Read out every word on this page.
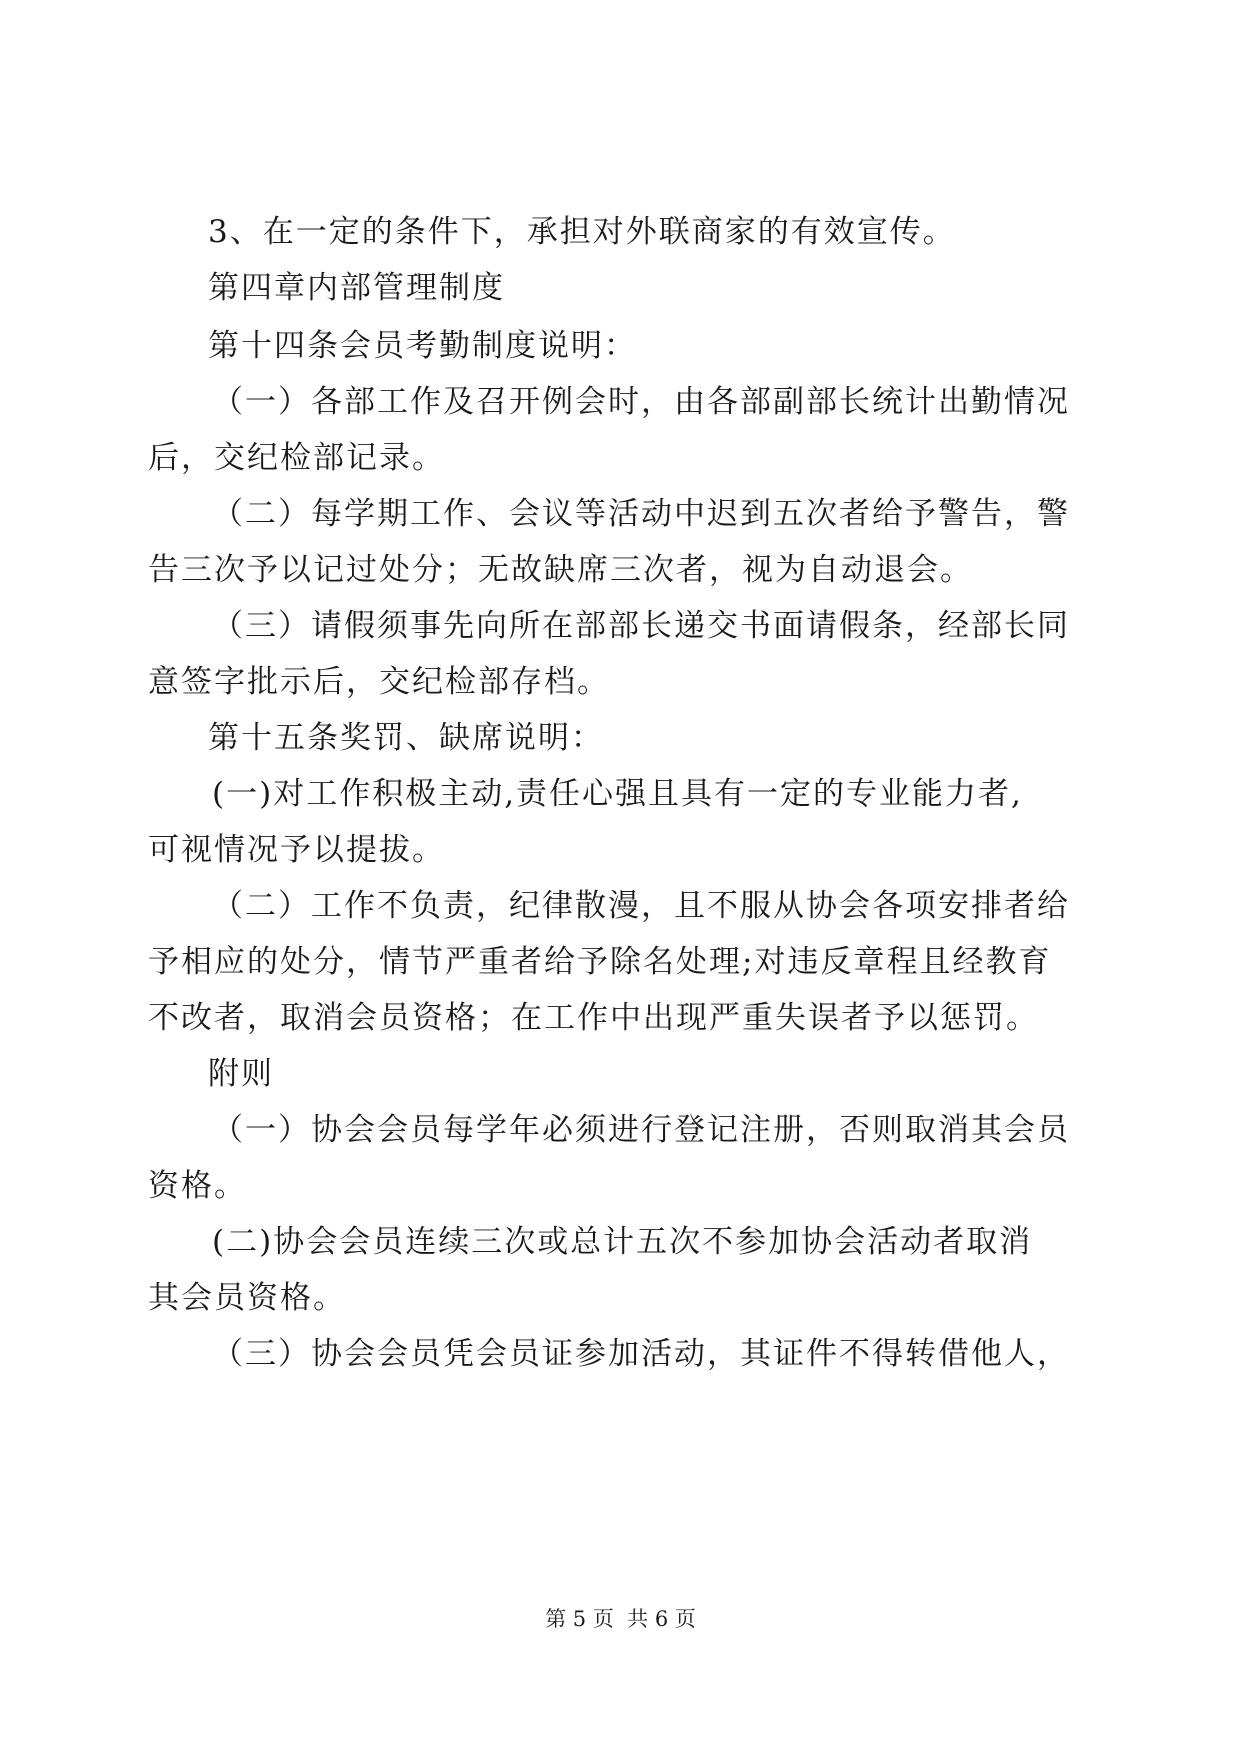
3、在一定的条件下，承担对外联商家的有效宣传。
第四章内部管理制度
第十四条会员考勤制度说明：
（一）各部工作及召开例会时，由各部副部长统计出勤情况
后，交纪检部记录。
（二）每学期工作、会议等活动中迟到五次者给予警告，警
告三次予以记过处分；无故缺席三次者，视为自动退会。
（三）请假须事先向所在部部长递交书面请假条，经部长同
意签字批示后，交纪检部存档。
第十五条奖罚、缺席说明：
(一)对工作积极主动,责任心强且具有一定的专业能力者,
可视情况予以提拔。
（二）工作不负责，纪律散漫，且不服从协会各项安排者给
予相应的处分，情节严重者给予除名处理;对违反章程且经教育
不改者，取消会员资格；在工作中出现严重失误者予以惩罚。
附则
（一）协会会员每学年必须进行登记注册，否则取消其会员
资格。
(二)协会会员连续三次或总计五次不参加协会活动者取消
其会员资格。
（三）协会会员凭会员证参加活动，其证件不得转借他人，
第 5 页  共 6 页
